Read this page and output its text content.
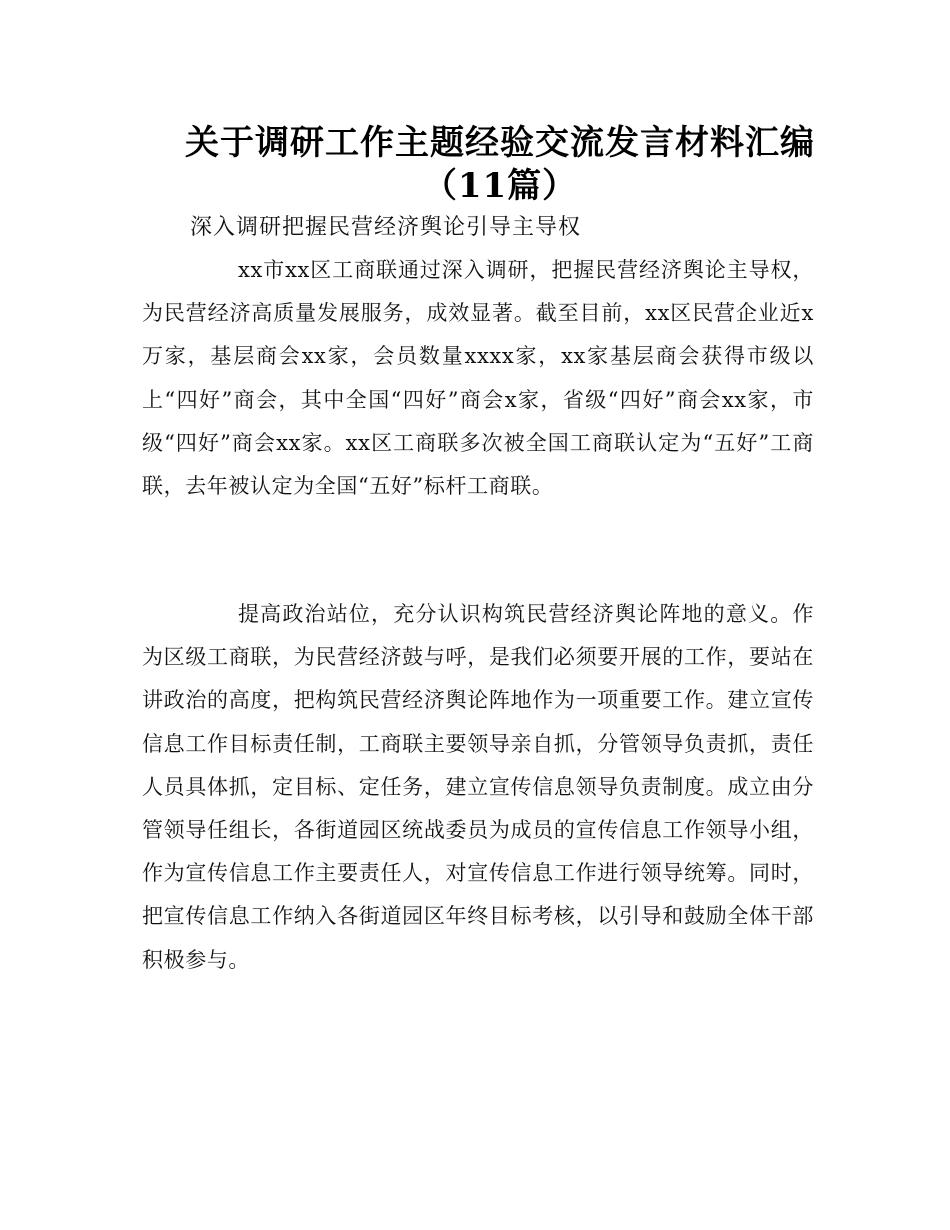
关于调研工作主题经验交流发言材料汇编
（11篇）

深入调研把握民营经济舆论引导主导权

xx市xx区工商联通过深入调研，把握民营经济舆论主导权，为民营经济高质量发展服务，成效显著。截至目前，xx区民营企业近x万家，基层商会xx家，会员数量xxxx家，xx家基层商会获得市级以上“四好”商会，其中全国“四好”商会x家，省级“四好”商会xx家，市级“四好”商会xx家。xx区工商联多次被全国工商联认定为“五好”工商联，去年被认定为全国“五好”标杆工商联。

提高政治站位，充分认识构筑民营经济舆论阵地的意义。作为区级工商联，为民营经济鼓与呼，是我们必须要开展的工作，要站在讲政治的高度，把构筑民营经济舆论阵地作为一项重要工作。建立宣传信息工作目标责任制，工商联主要领导亲自抓，分管领导负责抓，责任人员具体抓，定目标、定任务，建立宣传信息领导负责制度。成立由分管领导任组长，各街道园区统战委员为成员的宣传信息工作领导小组，作为宣传信息工作主要责任人，对宣传信息工作进行领导统筹。同时，把宣传信息工作纳入各街道园区年终目标考核，以引导和鼓励全体干部积极参与。
